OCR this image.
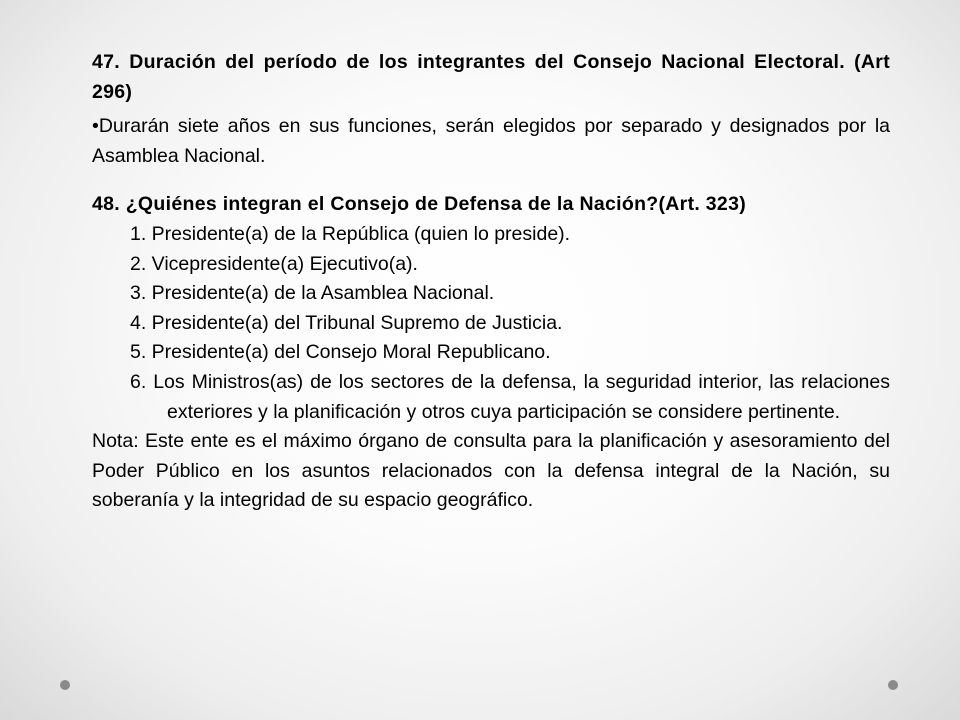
47. Duración del período de los integrantes del Consejo Nacional Electoral. (Art 296)

•Durarán siete años en sus funciones, serán elegidos por separado y designados por la Asamblea Nacional.

48. ¿Quiénes integran el Consejo de Defensa de la Nación?(Art. 323)

1. Presidente(a) de la República (quien lo preside).

2. Vicepresidente(a) Ejecutivo(a).

3. Presidente(a) de la Asamblea Nacional.

4. Presidente(a) del Tribunal Supremo de Justicia.

5. Presidente(a) del Consejo Moral Republicano.

6. Los Ministros(as) de los sectores de la defensa, la seguridad interior, las relaciones exteriores y la planificación y otros cuya participación se considere pertinente.

Nota: Este ente es el máximo órgano de consulta para la planificación y asesoramiento del Poder Público en los asuntos relacionados con la defensa integral de la Nación, su soberanía y la integridad de su espacio geográfico.
